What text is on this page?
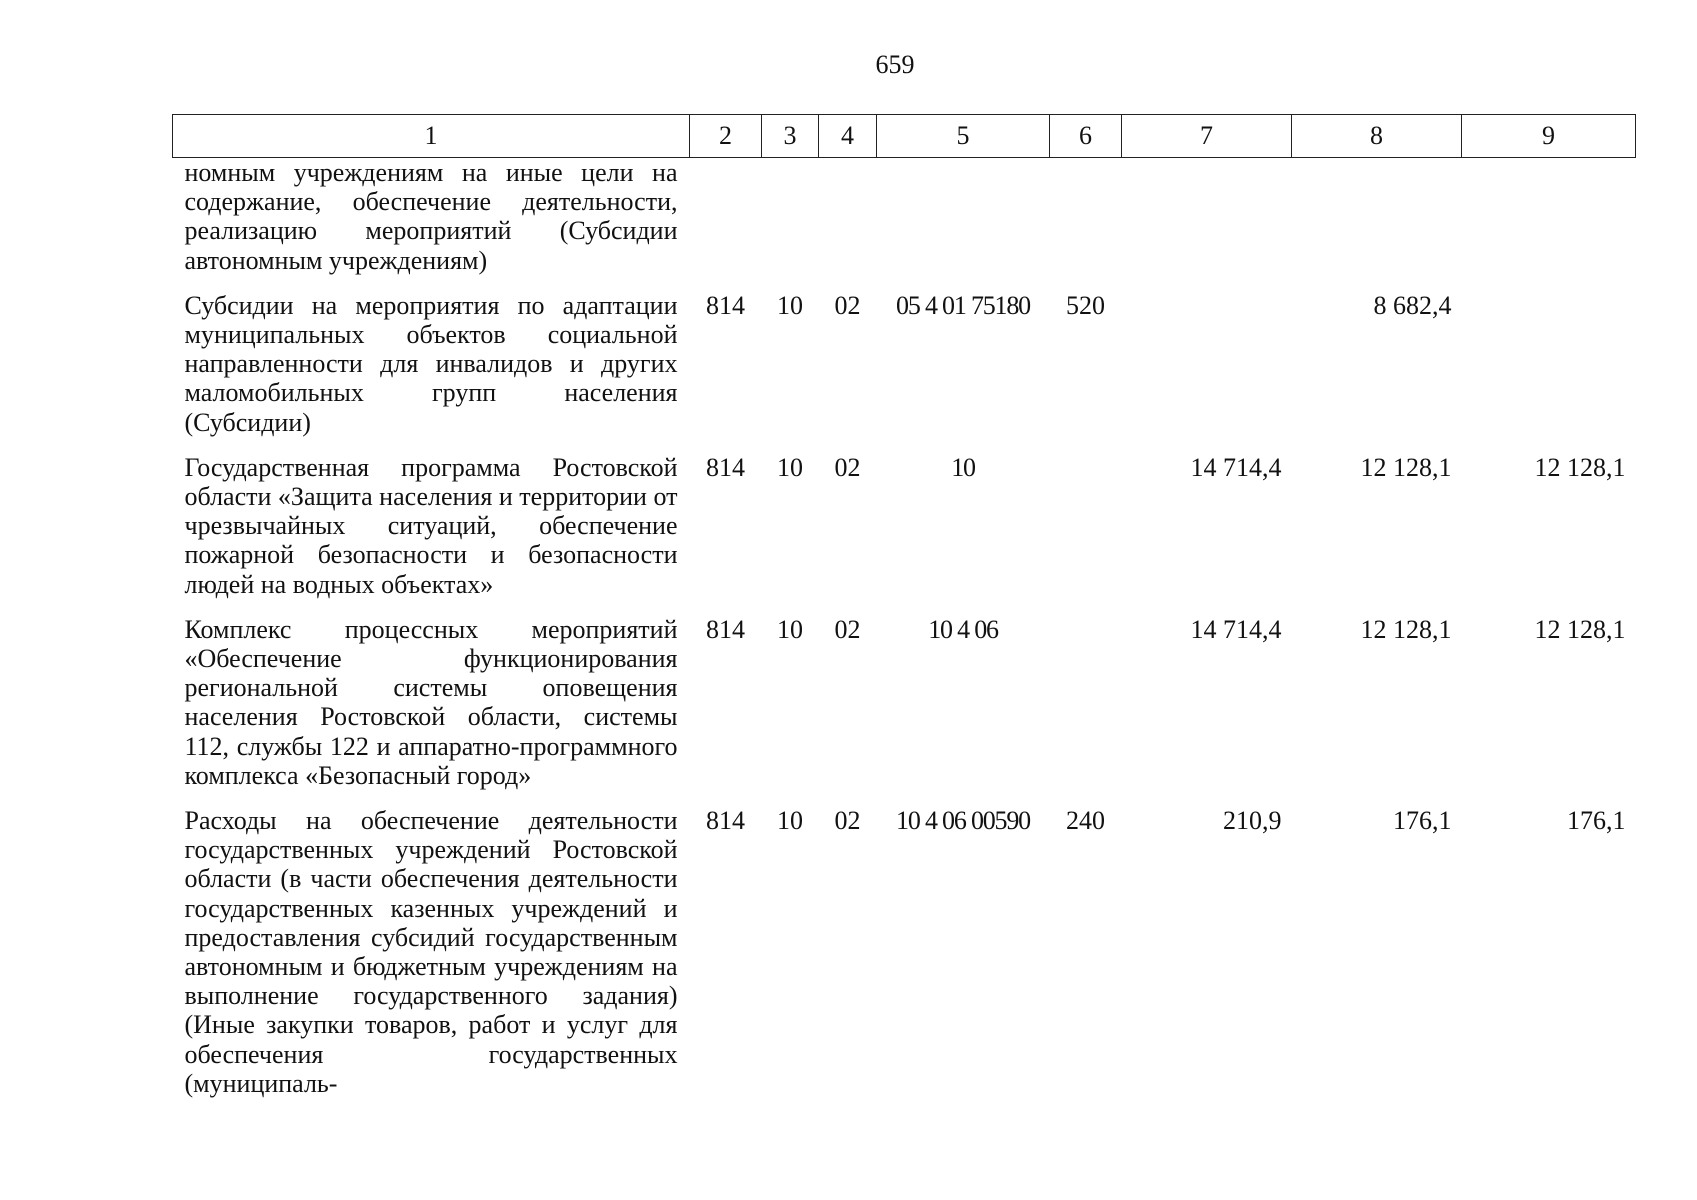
659
1	2	3	4	5	6	7	8	9
номным учреждениям на иные цели на содержание, обеспечение деятельности, реализацию мероприятий (Субсидии автономным учреждениям)								
Субсидии на мероприятия по адаптации муниципальных объектов социальной направленности для инвалидов и других маломобильных групп населения (Субсидии)	814	10	02	05 4 01 75180	520		8 682,4	
Государственная программа Ростовской области «Защита населения и территории от чрезвычайных ситуаций, обеспечение пожарной безопасности и безопасности людей на водных объектах»	814	10	02	10		14 714,4	12 128,1	12 128,1
Комплекс процессных мероприятий «Обеспечение функционирования региональной системы оповещения населения Ростовской области, системы 112, службы 122 и аппаратно-программного комплекса «Безопасный город»	814	10	02	10 4 06		14 714,4	12 128,1	12 128,1
Расходы на обеспечение деятельности государственных учреждений Ростовской области (в части обеспечения деятельности государственных казенных учреждений и предоставления субсидий государственным автономным и бюджетным учреждениям на выполнение государственного задания) (Иные закупки товаров, работ и услуг для обеспечения государственных (муниципаль-	814	10	02	10 4 06 00590	240	210,9	176,1	176,1
